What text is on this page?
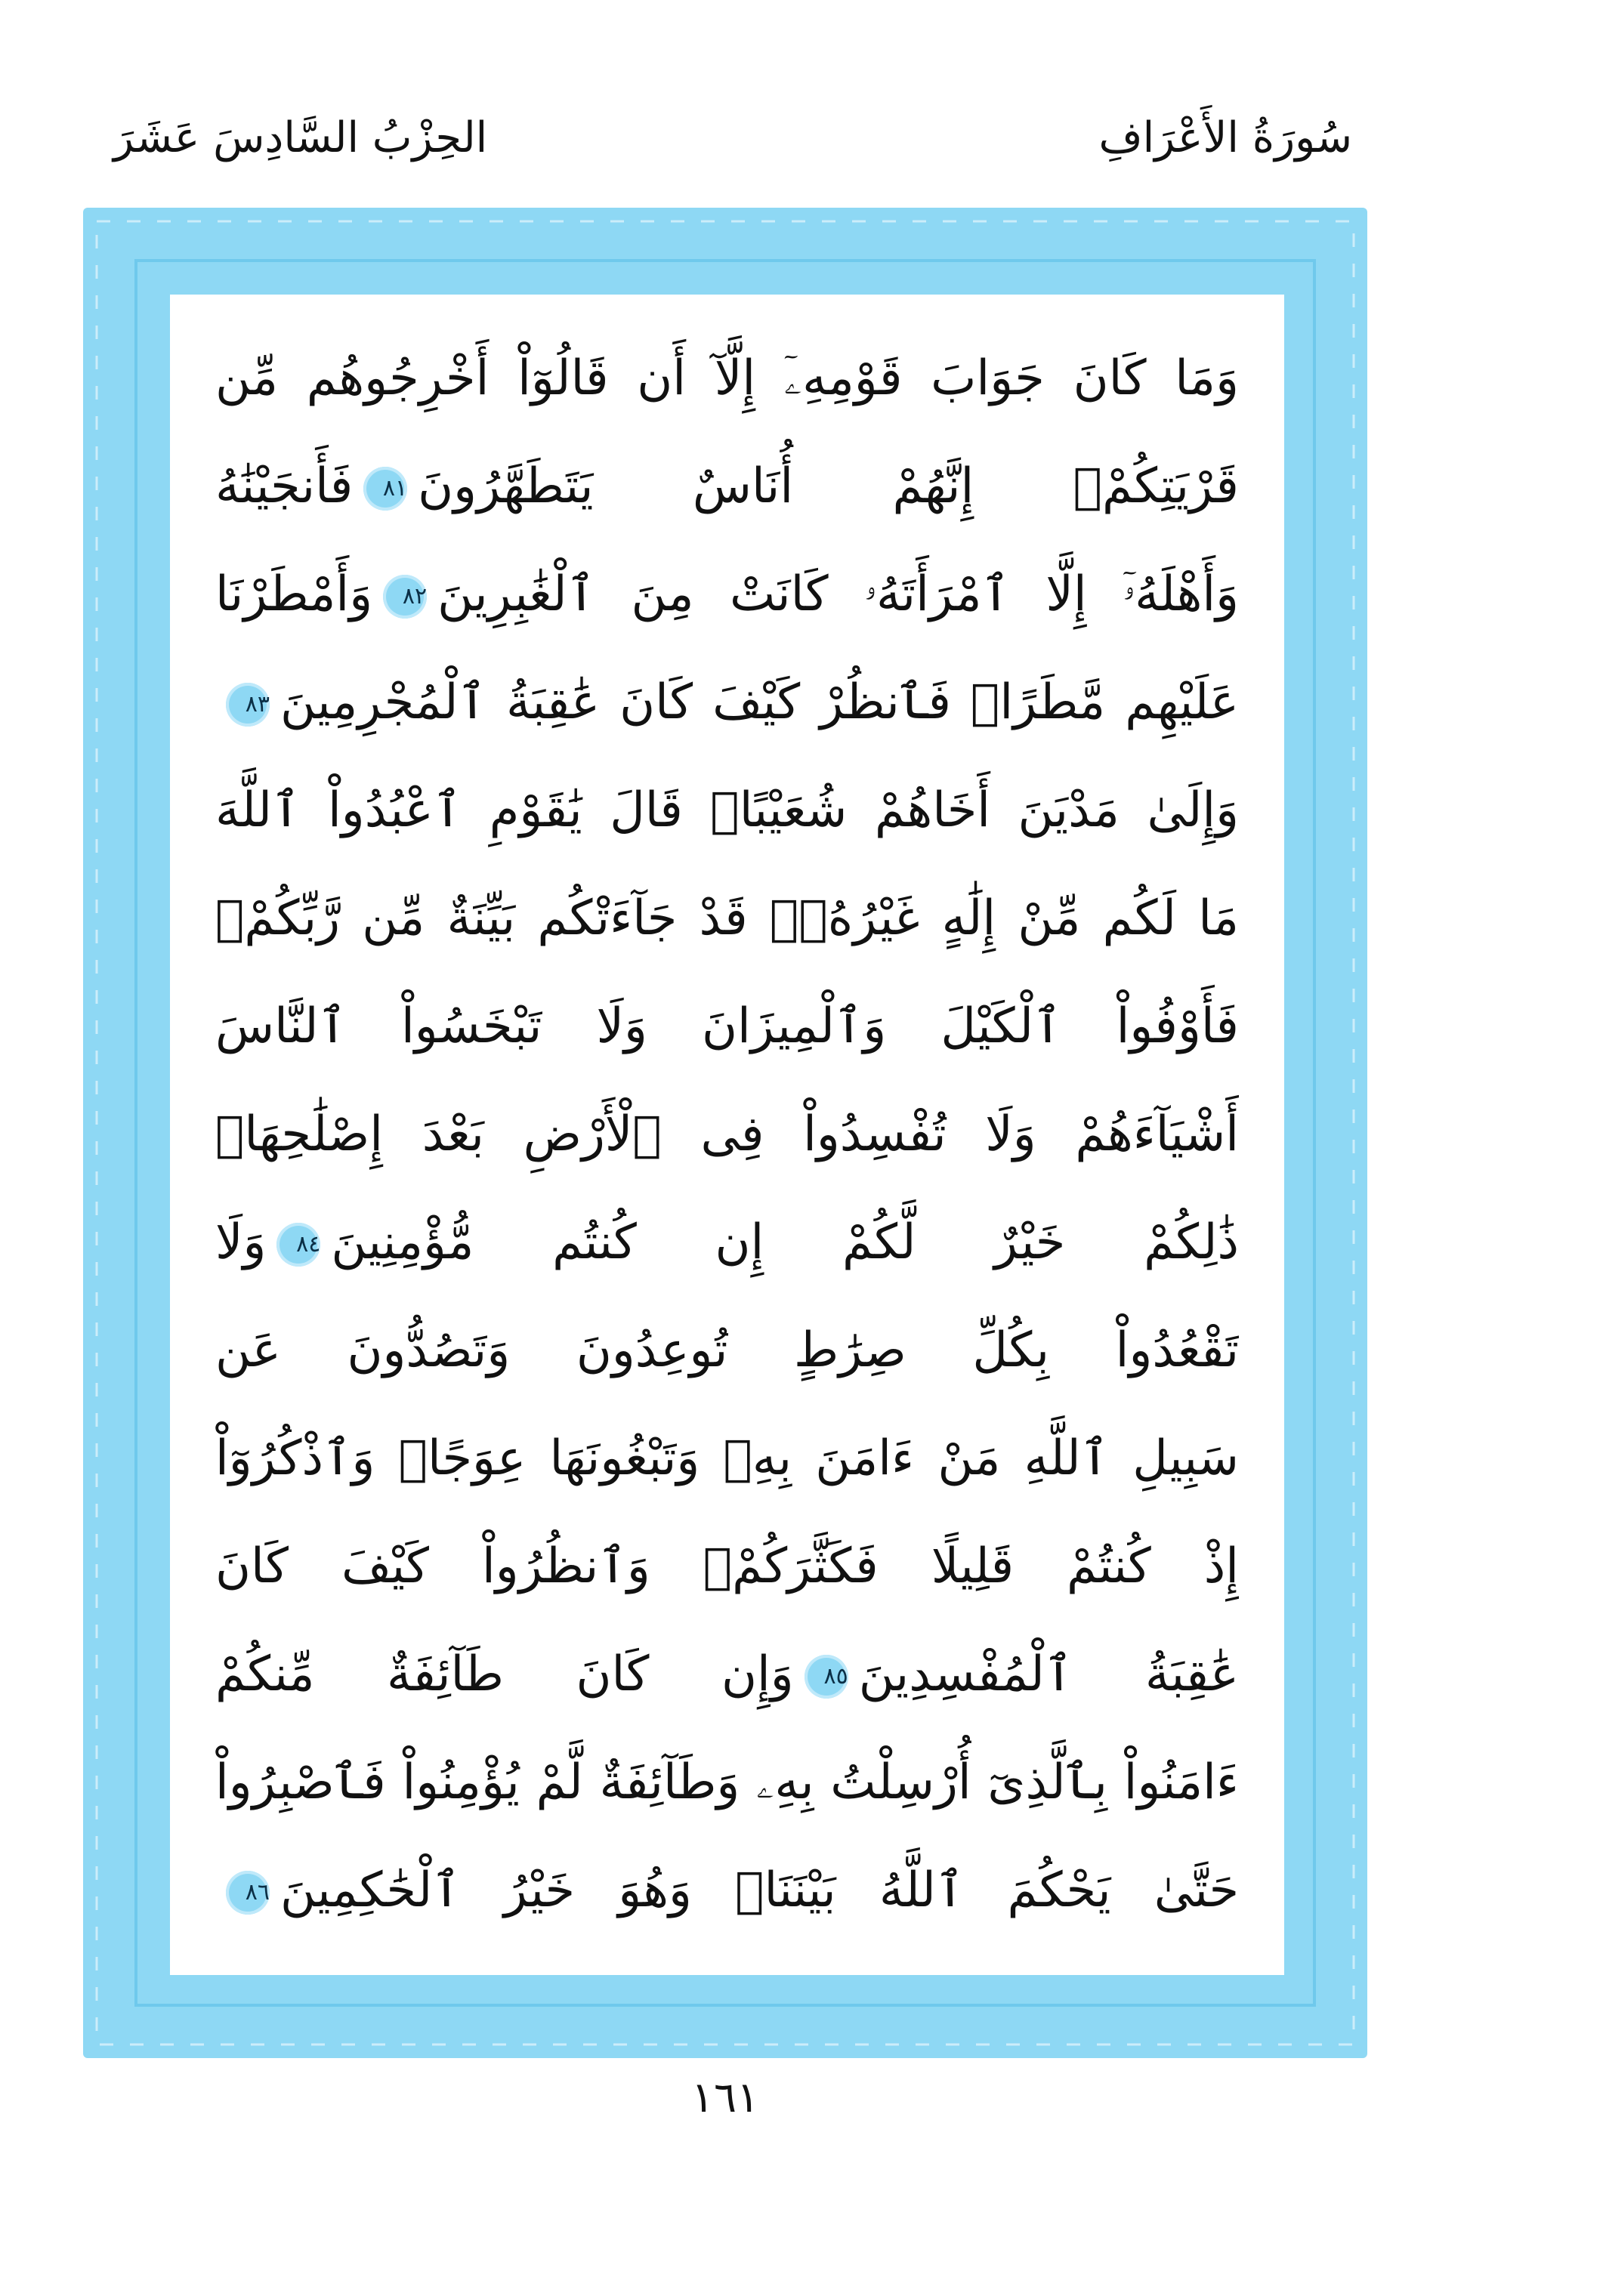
سُورَةُ الأَعْرَافِ
الحِزْبُ السَّادِسَ عَشَرَ
وَمَا كَانَ جَوَابَ قَوْمِهِۦٓ إِلَّآ أَن قَالُوٓاْ أَخْرِجُوهُم مِّن
قَرْيَتِكُمْۖ إِنَّهُمْ أُنَاسٌ يَتَطَهَّرُونَ٨١فَأَنجَيْنَٰهُ
وَأَهْلَهُۥٓ إِلَّا ٱمْرَأَتَهُۥ كَانَتْ مِنَ ٱلْغَٰبِرِينَ٨٢وَأَمْطَرْنَا
عَلَيْهِم مَّطَرًاۖ فَٱنظُرْ كَيْفَ كَانَ عَٰقِبَةُ ٱلْمُجْرِمِينَ٨٣
وَإِلَىٰ مَدْيَنَ أَخَاهُمْ شُعَيْبًاۗ قَالَ يَٰقَوْمِ ٱعْبُدُواْ ٱللَّهَ
مَا لَكُم مِّنْ إِلَٰهٍ غَيْرُهُۥۖ قَدْ جَآءَتْكُم بَيِّنَةٌ مِّن رَّبِّكُمْۖ
فَأَوْفُواْ ٱلْكَيْلَ وَٱلْمِيزَانَ وَلَا تَبْخَسُواْ ٱلنَّاسَ
أَشْيَآءَهُمْ وَلَا تُفْسِدُواْ فِى ٱلْأَرْضِ بَعْدَ إِصْلَٰحِهَاۚ
ذَٰلِكُمْ خَيْرٌ لَّكُمْ إِن كُنتُم مُّؤْمِنِينَ٨٤وَلَا
تَقْعُدُواْ بِكُلِّ صِرَٰطٍ تُوعِدُونَ وَتَصُدُّونَ عَن
سَبِيلِ ٱللَّهِ مَنْ ءَامَنَ بِهِۦ وَتَبْغُونَهَا عِوَجًاۚ وَٱذْكُرُوٓاْ
إِذْ كُنتُمْ قَلِيلًا فَكَثَّرَكُمْۖ وَٱنظُرُواْ كَيْفَ كَانَ
عَٰقِبَةُ ٱلْمُفْسِدِينَ٨٥وَإِن كَانَ طَآئِفَةٌ مِّنكُمْ
ءَامَنُواْ بِٱلَّذِىٓ أُرْسِلْتُ بِهِۦ وَطَآئِفَةٌ لَّمْ يُؤْمِنُواْ فَٱصْبِرُواْ
حَتَّىٰ يَحْكُمَ ٱللَّهُ بَيْنَنَاۚ وَهُوَ خَيْرُ ٱلْحَٰكِمِينَ٨٦
١٦١
